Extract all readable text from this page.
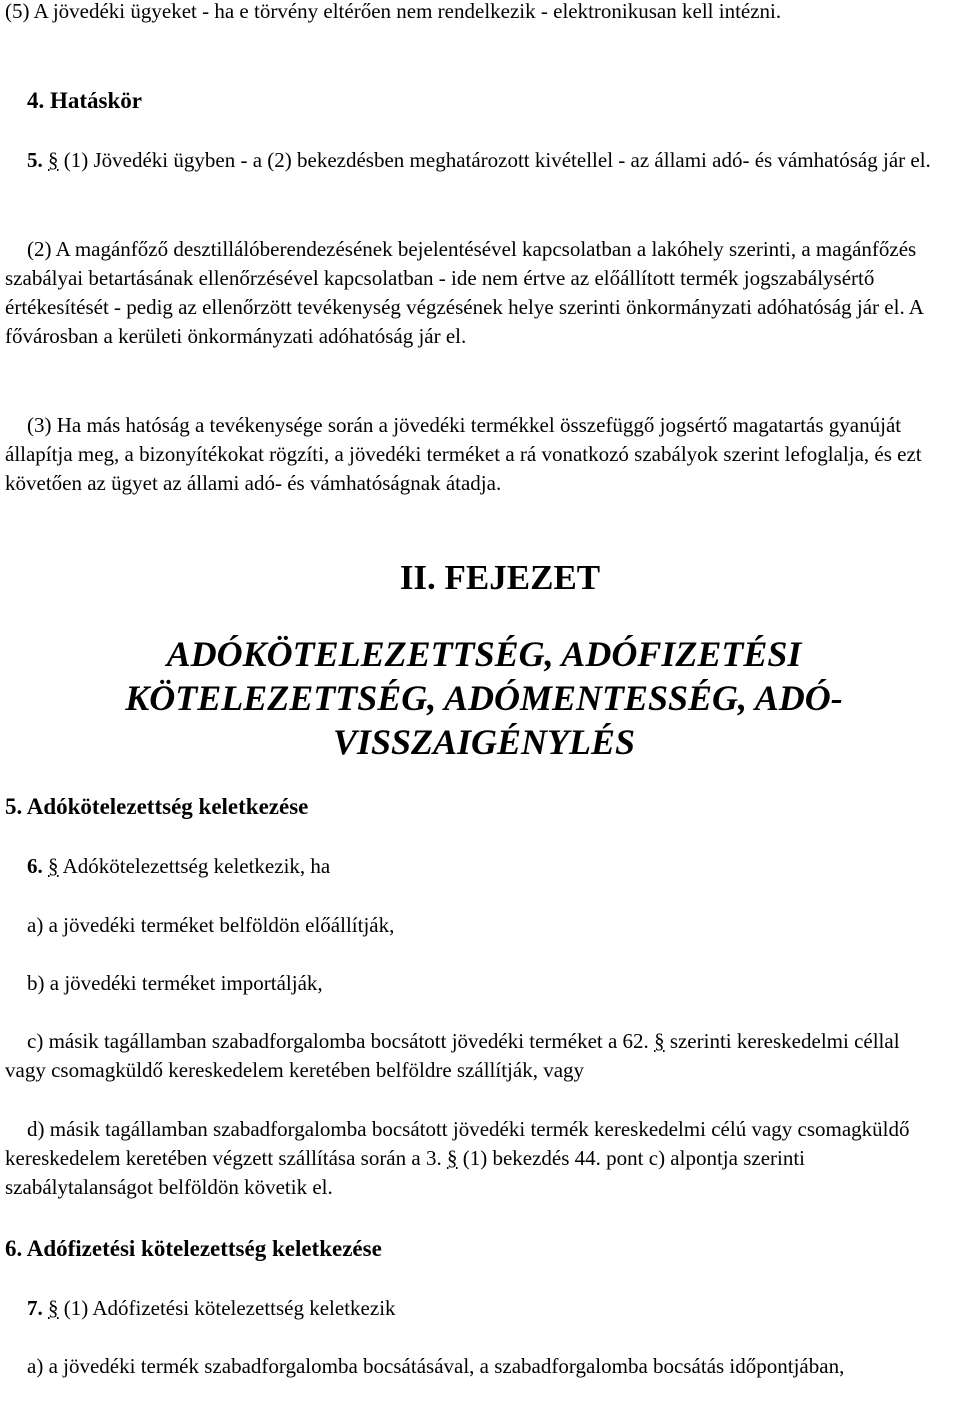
(5) A jövedéki ügyeket - ha e törvény eltérően nem rendelkezik - elektronikusan kell intézni.

4. Hatáskör

5. § (1) Jövedéki ügyben - a (2) bekezdésben meghatározott kivétellel - az állami adó- és vámhatóság jár el.

(2) A magánfőző desztillálóberendezésének bejelentésével kapcsolatban a lakóhely szerinti, a magánfőzés szabályai betartásának ellenőrzésével kapcsolatban - ide nem értve az előállított termék jogszabálysértő értékesítését - pedig az ellenőrzött tevékenység végzésének helye szerinti önkormányzati adóhatóság jár el. A fővárosban a kerületi önkormányzati adóhatóság jár el.

(3) Ha más hatóság a tevékenysége során a jövedéki termékkel összefüggő jogsértő magatartás gyanúját állapítja meg, a bizonyítékokat rögzíti, a jövedéki terméket a rá vonatkozó szabályok szerint lefoglalja, és ezt követően az ügyet az állami adó- és vámhatóságnak átadja.

II. FEJEZET

ADÓKÖTELEZETTSÉG, ADÓFIZETÉSI

KÖTELEZETTSÉG, ADÓMENTESSÉG, ADÓ-

VISSZAIGÉNYLÉS

5. Adókötelezettség keletkezése

6. § Adókötelezettség keletkezik, ha

a) a jövedéki terméket belföldön előállítják,

b) a jövedéki terméket importálják,

c) másik tagállamban szabadforgalomba bocsátott jövedéki terméket a 62. § szerinti kereskedelmi céllal vagy csomagküldő kereskedelem keretében belföldre szállítják, vagy

d) másik tagállamban szabadforgalomba bocsátott jövedéki termék kereskedelmi célú vagy csomagküldő kereskedelem keretében végzett szállítása során a 3. § (1) bekezdés 44. pont c) alpontja szerinti szabálytalanságot belföldön követik el.

6. Adófizetési kötelezettség keletkezése

7. § (1) Adófizetési kötelezettség keletkezik

a) a jövedéki termék szabadforgalomba bocsátásával, a szabadforgalomba bocsátás időpontjában,
